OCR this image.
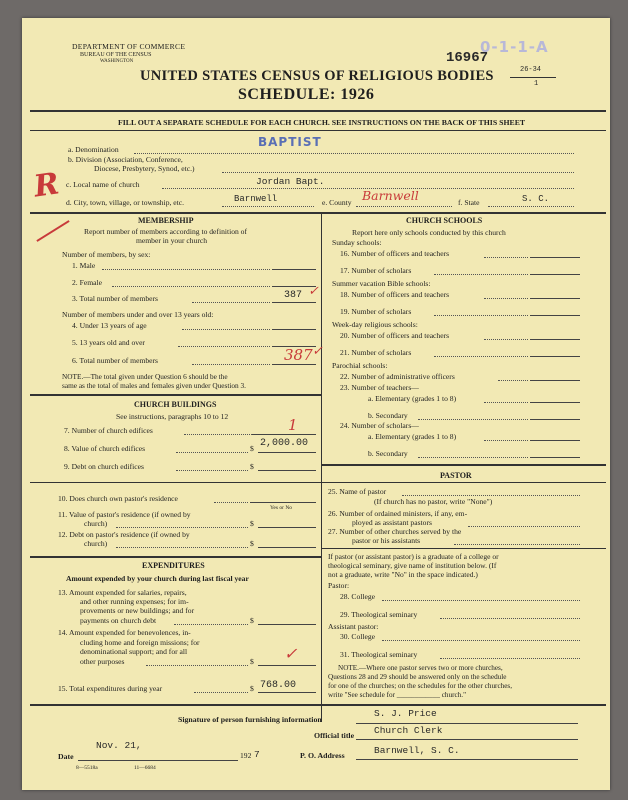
DEPARTMENT OF COMMERCE
BUREAU OF THE CENSUS
WASHINGTON
UNITED STATES CENSUS OF RELIGIOUS BODIES
SCHEDULE: 1926
16967
0-1-1-A
26-34
1
FILL OUT A SEPARATE SCHEDULE FOR EACH CHURCH. SEE INSTRUCTIONS ON THE BACK OF THIS SHEET
a. Denomination
BAPTIST
b. Division (Association, Conference,
Diocese, Presbytery, Synod, etc.)
c. Local name of church	Jordan Bapt.
d. City, town, village, or township, etc.	Barnwell	e. County Barnwell	f. State	S. C.
R
MEMBERSHIP
Report number of members according to definition of
member in your church
Number of members, by sex:
1. Male
2. Female
3. Total number of members	387 ✓
Number of members under and over 13 years old:
4. Under 13 years of age
5. 13 years old and over
6. Total number of members	387 ✓
NOTE.—The total given under Question 6 should be the
same as the total of males and females given under Question 3.
CHURCH BUILDINGS
See instructions, paragraphs 10 to 12
7. Number of church edifices	1
8. Value of church edifices	$ 2,000.00
9. Debt on church edifices	$
10. Does church own pastor's residence
Yes or No
11. Value of pastor's residence (if owned by
church)	$
12. Debt on pastor's residence (if owned by
church)	$
EXPENDITURES
Amount expended by your church during last fiscal year
13. Amount expended for salaries, repairs,
and other running expenses; for im-
provements or new buildings; and for
payments on church debt	$
14. Amount expended for benevolences, in-
cluding home and foreign missions; for
denominational support; and for all
other purposes	$ ✓
15. Total expenditures during year	$ 768.00
CHURCH SCHOOLS
Report here only schools conducted by this church
Sunday schools:
16. Number of officers and teachers
17. Number of scholars
Summer vacation Bible schools:
18. Number of officers and teachers
19. Number of scholars
Week-day religious schools:
20. Number of officers and teachers
21. Number of scholars
Parochial schools:
22. Number of administrative officers
23. Number of teachers—
a. Elementary (grades 1 to 8)
b. Secondary
24. Number of scholars—
a. Elementary (grades 1 to 8)
b. Secondary
PASTOR
25. Name of pastor
(If church has no pastor, write "None")
26. Number of ordained ministers, if any, em-
ployed as assistant pastors
27. Number of other churches served by the
pastor or his assistants
If pastor (or assistant pastor) is a graduate of a college or
theological seminary, give name of institution below. (If
not a graduate, write "No" in the space indicated.)
Pastor:
28. College
29. Theological seminary
Assistant pastor:
30. College
31. Theological seminary
NOTE.—Where one pastor serves two or more churches,
Questions 28 and 29 should be answered only on the schedule
for one of the churches; on the schedules for the other churches,
write "See schedule for ____________ church."
Signature of person furnishing information
S. J. Price
Official title Church Clerk
Date
Nov. 21,
192 7	P. O. Address	Barnwell, S. C.
8—5518a	11—6684
